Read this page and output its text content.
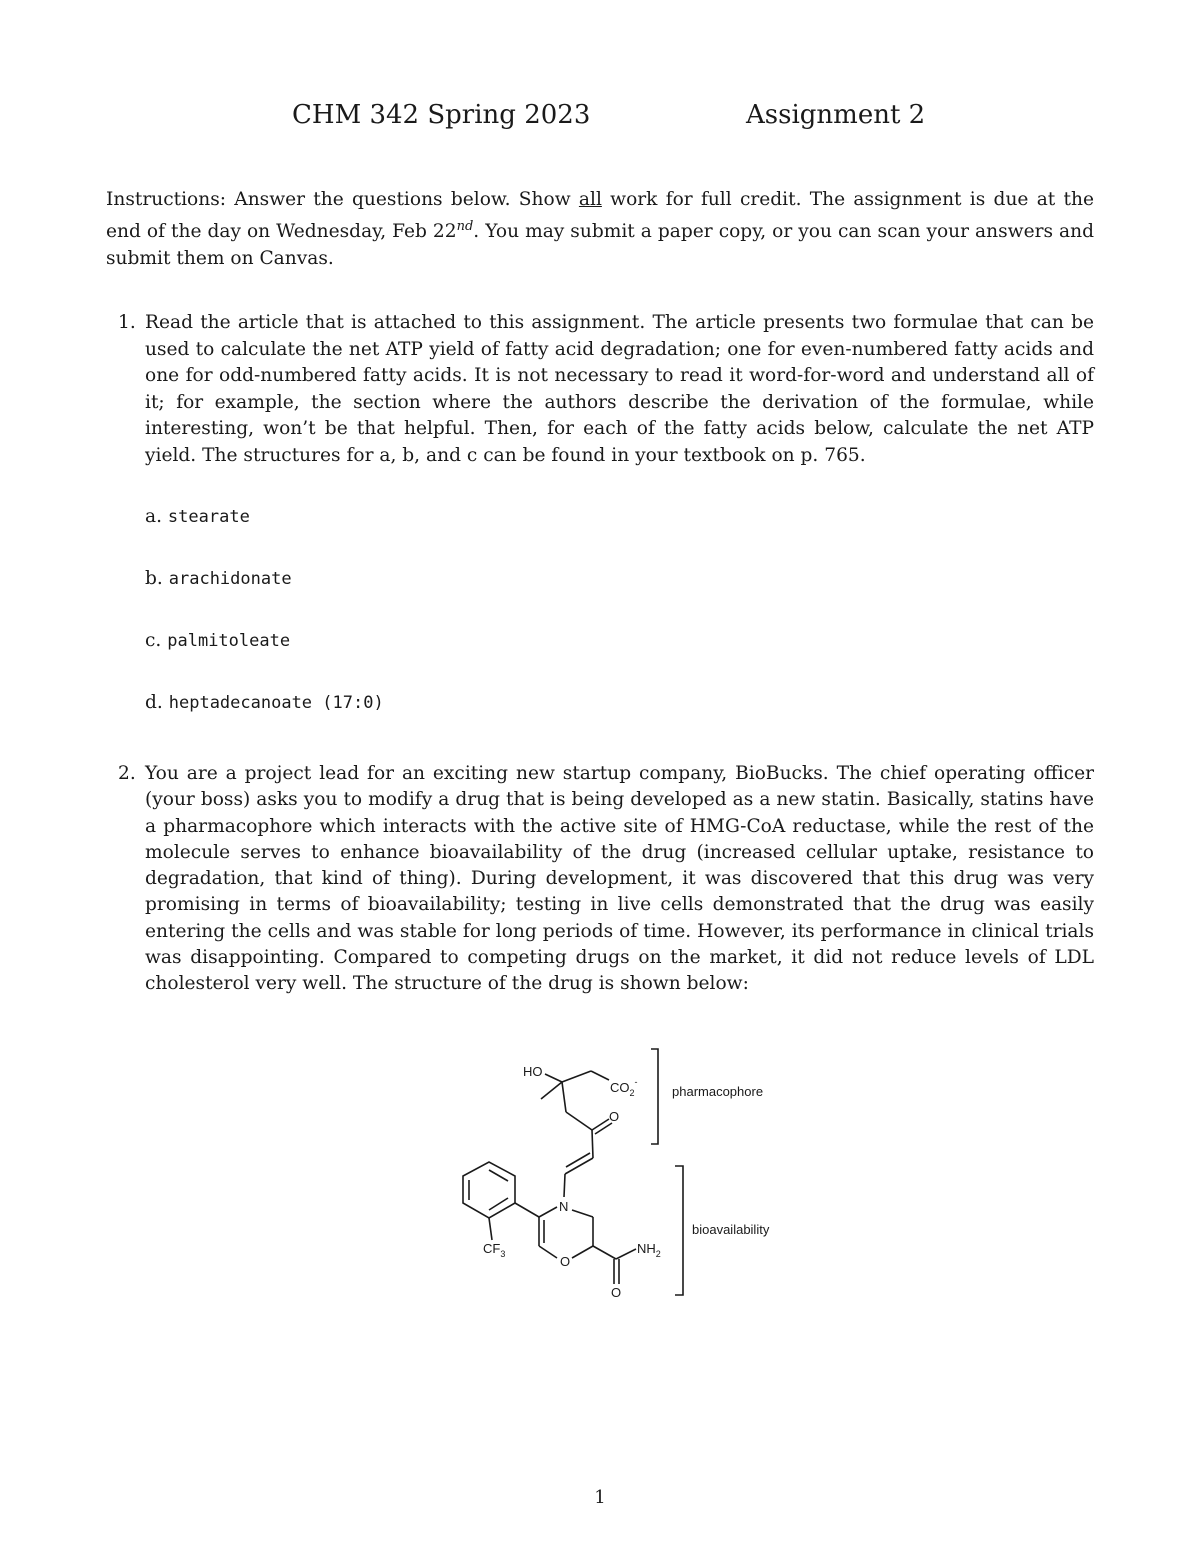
CHM 342 Spring 2023	Assignment 2
Instructions: Answer the questions below. Show all work for full credit. The assignment is due at the end of the day on Wednesday, Feb 22nd. You may submit a paper copy, or you can scan your answers and submit them on Canvas.
1. Read the article that is attached to this assignment. The article presents two formulae that can be used to calculate the net ATP yield of fatty acid degradation; one for even-numbered fatty acids and one for odd-numbered fatty acids. It is not necessary to read it word-for-word and understand all of it; for example, the section where the authors describe the derivation of the formulae, while interesting, won’t be that helpful. Then, for each of the fatty acids below, calculate the net ATP yield. The structures for a, b, and c can be found in your textbook on p. 765.
a. stearate
b. arachidonate
c. palmitoleate
d. heptadecanoate (17:0)
2. You are a project lead for an exciting new startup company, BioBucks. The chief operating officer (your boss) asks you to modify a drug that is being developed as a new statin. Basically, statins have a pharmacophore which interacts with the active site of HMG-CoA reductase, while the rest of the molecule serves to enhance bioavailability of the drug (increased cellular uptake, resistance to degradation, that kind of thing). During development, it was discovered that this drug was very promising in terms of bioavailability; testing in live cells demonstrated that the drug was easily entering the cells and was stable for long periods of time. However, its performance in clinical trials was disappointing. Compared to competing drugs on the market, it did not reduce levels of LDL cholesterol very well. The structure of the drug is shown below:
HO
$CO_2^-$
O
N
$CF_3$	O
$NH_2$
O
pharmacophore
bioavailability
1
